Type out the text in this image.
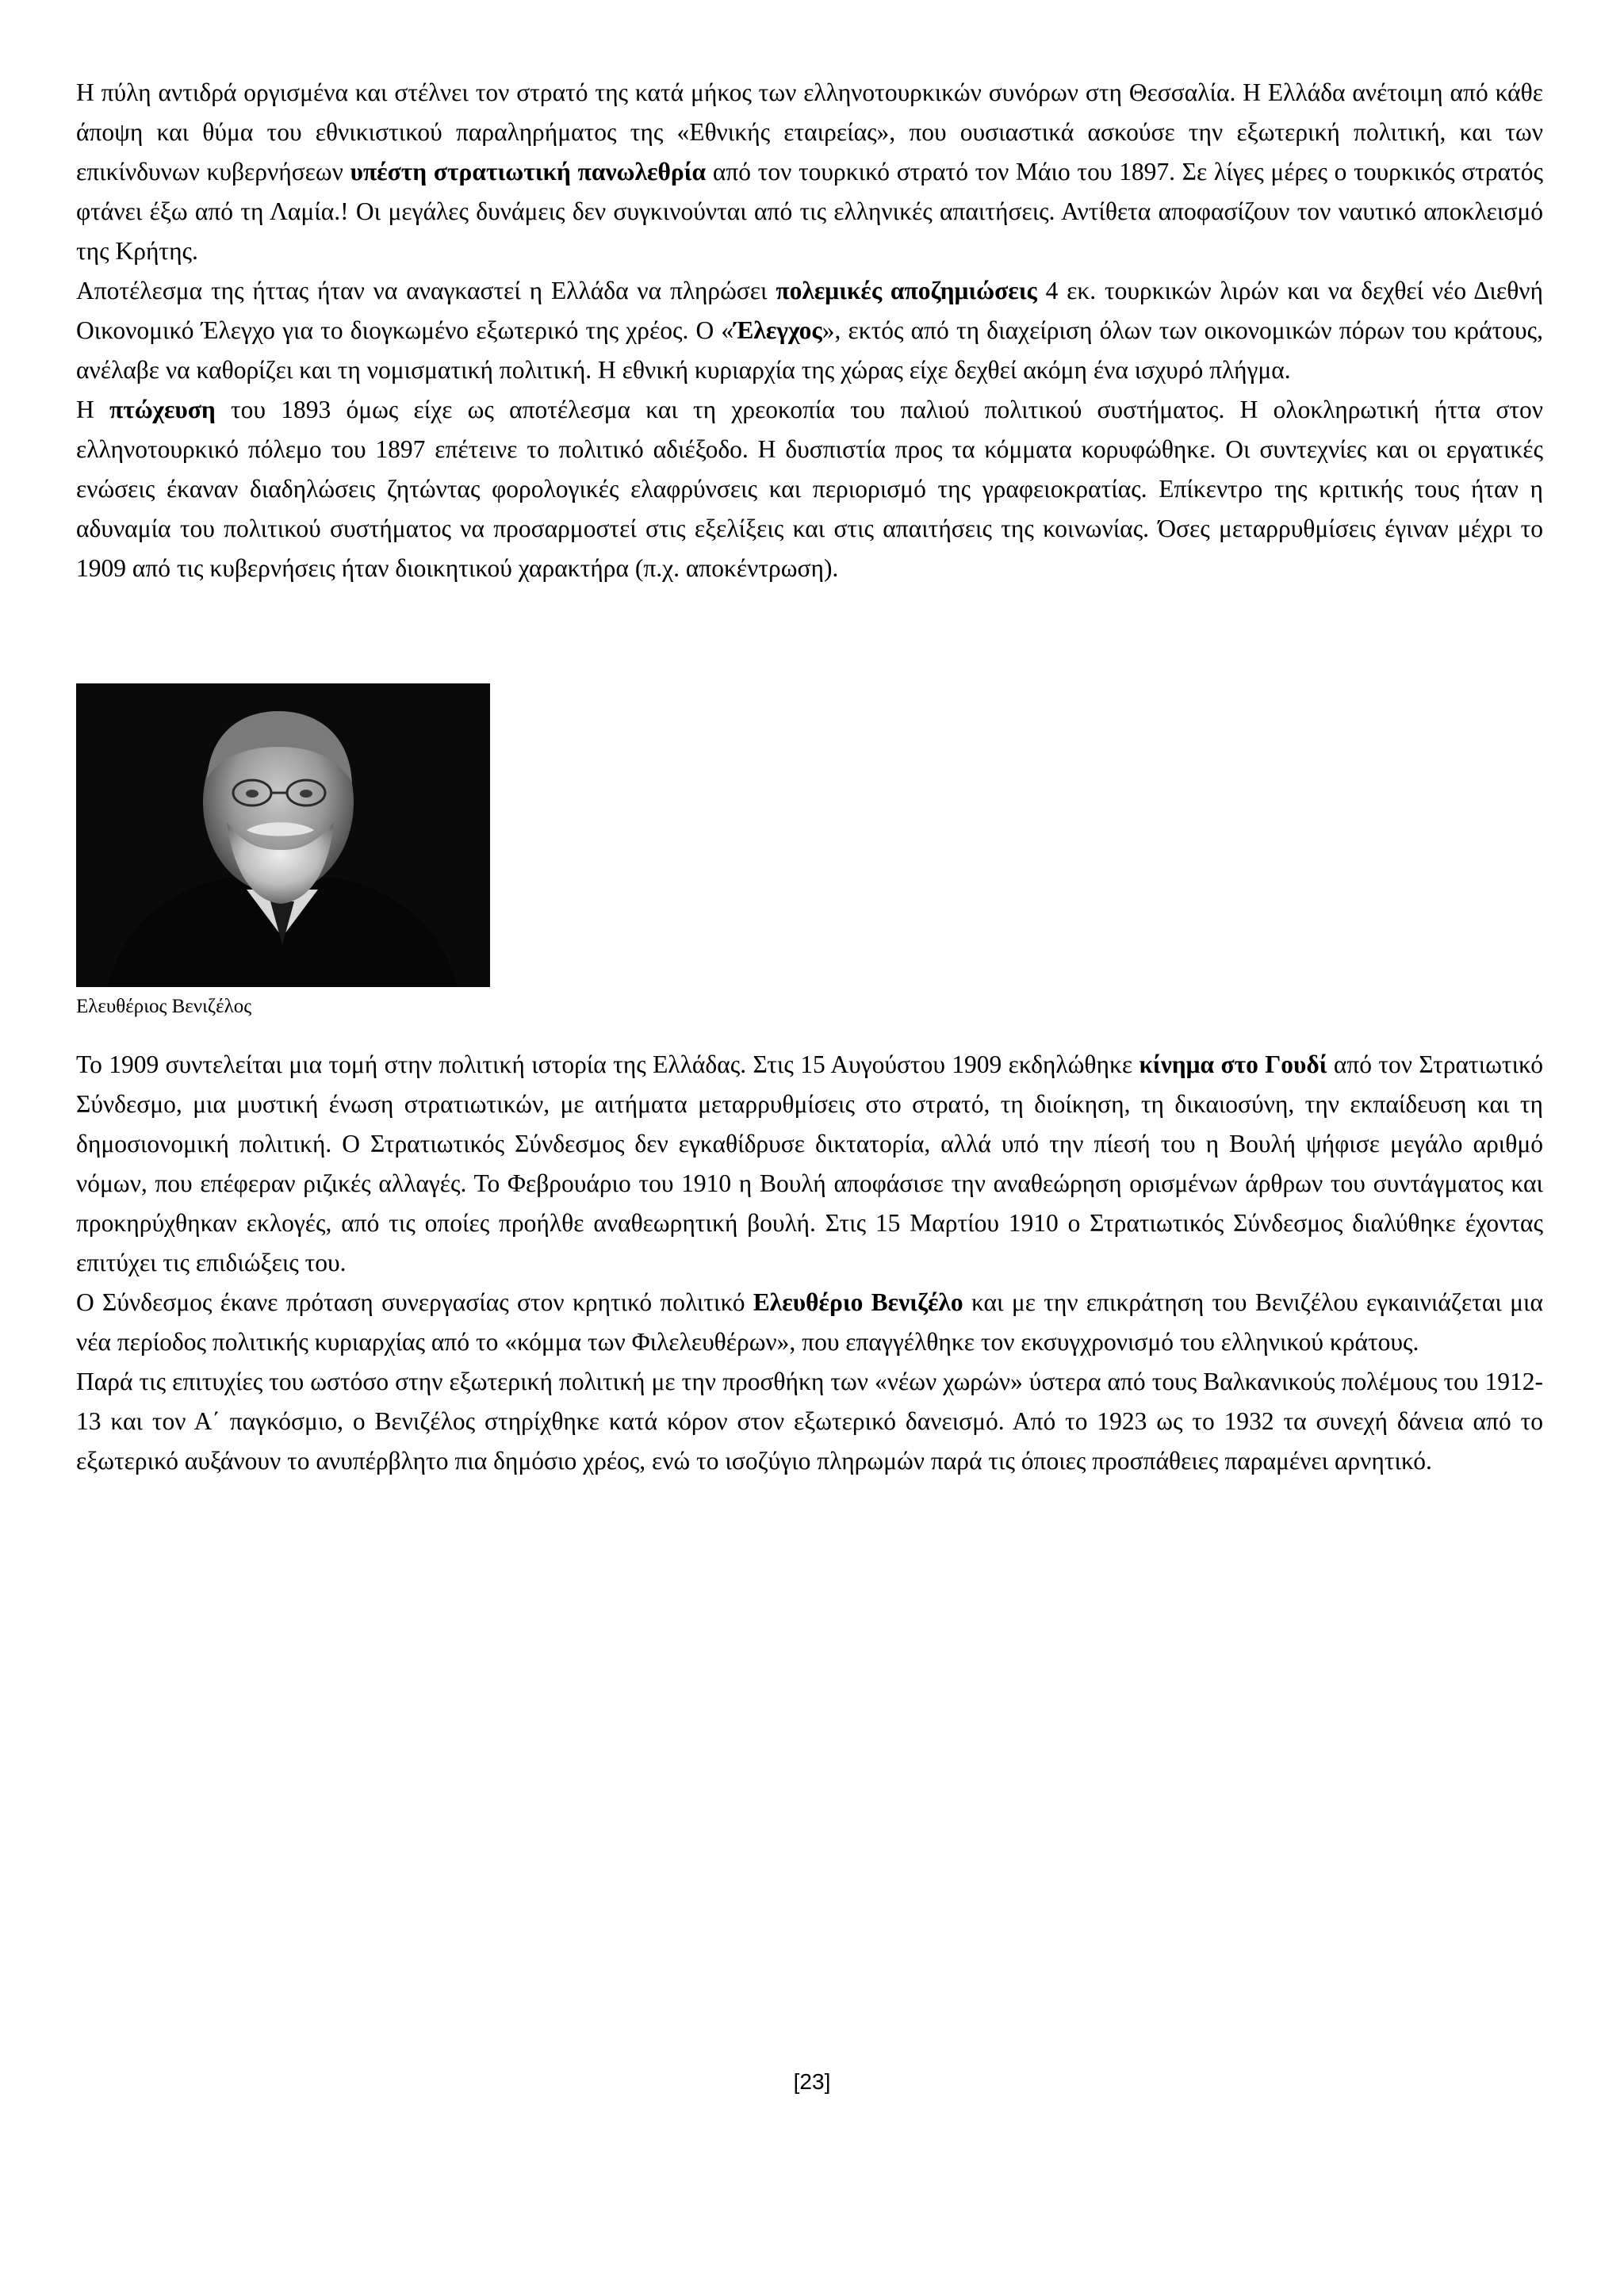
Η πύλη αντιδρά οργισμένα και στέλνει τον στρατό της κατά μήκος των ελληνοτουρκικών συνόρων στη Θεσσαλία. Η Ελλάδα ανέτοιμη από κάθε άποψη και θύμα του εθνικιστικού παραληρήματος της «Εθνικής εταιρείας», που ουσιαστικά ασκούσε την εξωτερική πολιτική, και των επικίνδυνων κυβερνήσεων υπέστη στρατιωτική πανωλεθρία από τον τουρκικό στρατό τον Μάιο του 1897. Σε λίγες μέρες ο τουρκικός στρατός φτάνει έξω από τη Λαμία.! Οι μεγάλες δυνάμεις δεν συγκινούνται από τις ελληνικές απαιτήσεις. Αντίθετα αποφασίζουν τον ναυτικό αποκλεισμό της Κρήτης.

Αποτέλεσμα της ήττας ήταν να αναγκαστεί η Ελλάδα να πληρώσει πολεμικές αποζημιώσεις 4 εκ. τουρκικών λιρών και να δεχθεί νέο Διεθνή Οικονομικό Έλεγχο για το διογκωμένο εξωτερικό της χρέος. Ο «Έλεγχος», εκτός από τη διαχείριση όλων των οικονομικών πόρων του κράτους, ανέλαβε να καθορίζει και τη νομισματική πολιτική. Η εθνική κυριαρχία της χώρας είχε δεχθεί ακόμη ένα ισχυρό πλήγμα.

Η πτώχευση του 1893 όμως είχε ως αποτέλεσμα και τη χρεοκοπία του παλιού πολιτικού συστήματος. Η ολοκληρωτική ήττα στον ελληνοτουρκικό πόλεμο του 1897 επέτεινε το πολιτικό αδιέξοδο. Η δυσπιστία προς τα κόμματα κορυφώθηκε. Οι συντεχνίες και οι εργατικές ενώσεις έκαναν διαδηλώσεις ζητώντας φορολογικές ελαφρύνσεις και περιορισμό της γραφειοκρατίας. Επίκεντρο της κριτικής τους ήταν η αδυναμία του πολιτικού συστήματος να προσαρμοστεί στις εξελίξεις και στις απαιτήσεις της κοινωνίας. Όσες μεταρρυθμίσεις έγιναν μέχρι το 1909 από τις κυβερνήσεις ήταν διοικητικού χαρακτήρα (π.χ. αποκέντρωση).

Ελευθέριος Βενιζέλος

Το 1909 συντελείται μια τομή στην πολιτική ιστορία της Ελλάδας. Στις 15 Αυγούστου 1909 εκδηλώθηκε κίνημα στο Γουδί από τον Στρατιωτικό Σύνδεσμο, μια μυστική ένωση στρατιωτικών, με αιτήματα μεταρρυθμίσεις στο στρατό, τη διοίκηση, τη δικαιοσύνη, την εκπαίδευση και τη δημοσιονομική πολιτική. Ο Στρατιωτικός Σύνδεσμος δεν εγκαθίδρυσε δικτατορία, αλλά υπό την πίεσή του η Βουλή ψήφισε μεγάλο αριθμό νόμων, που επέφεραν ριζικές αλλαγές. Το Φεβρουάριο του 1910 η Βουλή αποφάσισε την αναθεώρηση ορισμένων άρθρων του συντάγματος και προκηρύχθηκαν εκλογές, από τις οποίες προήλθε αναθεωρητική βουλή. Στις 15 Μαρτίου 1910 ο Στρατιωτικός Σύνδεσμος διαλύθηκε έχοντας επιτύχει τις επιδιώξεις του.

Ο Σύνδεσμος έκανε πρόταση συνεργασίας στον κρητικό πολιτικό Ελευθέριο Βενιζέλο και με την επικράτηση του Βενιζέλου εγκαινιάζεται μια νέα περίοδος πολιτικής κυριαρχίας από το «κόμμα των Φιλελευθέρων», που επαγγέλθηκε τον εκσυγχρονισμό του ελληνικού κράτους.

Παρά τις επιτυχίες του ωστόσο στην εξωτερική πολιτική με την προσθήκη των «νέων χωρών» ύστερα από τους Βαλκανικούς πολέμους του 1912-13 και τον Α΄ παγκόσμιο, ο Βενιζέλος στηρίχθηκε κατά κόρον στον εξωτερικό δανεισμό. Από το 1923 ως το 1932 τα συνεχή δάνεια από το εξωτερικό αυξάνουν το ανυπέρβλητο πια δημόσιο χρέος, ενώ το ισοζύγιο πληρωμών παρά τις όποιες προσπάθειες παραμένει αρνητικό.

[23]
